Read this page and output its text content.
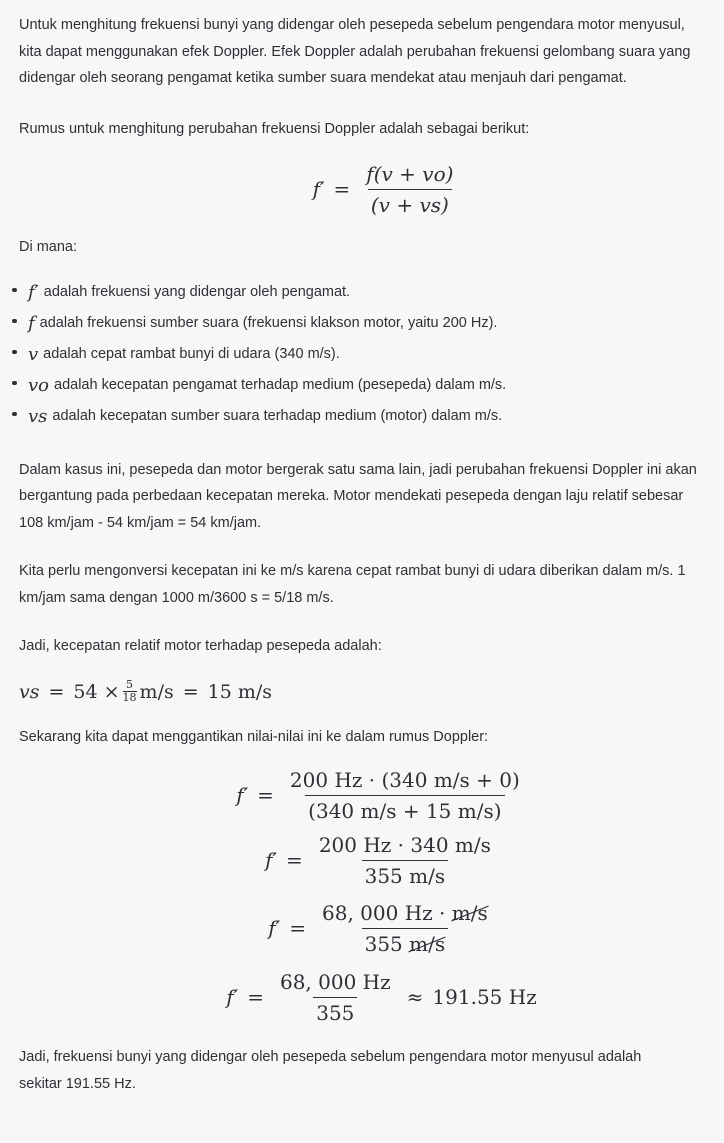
Untuk menghitung frekuensi bunyi yang didengar oleh pesepeda sebelum pengendara motor menyusul, kita dapat menggunakan efek Doppler. Efek Doppler adalah perubahan frekuensi gelombang suara yang didengar oleh seorang pengamat ketika sumber suara mendekat atau menjauh dari pengamat.

Rumus untuk menghitung perubahan frekuensi Doppler adalah sebagai berikut:

$f' = \frac{f(v + vo)}{(v + vs)}$

Di mana:

f′ adalah frekuensi yang didengar oleh pengamat.
f adalah frekuensi sumber suara (frekuensi klakson motor, yaitu 200 Hz).
v adalah cepat rambat bunyi di udara (340 m/s).
vo adalah kecepatan pengamat terhadap medium (pesepeda) dalam m/s.
vs adalah kecepatan sumber suara terhadap medium (motor) dalam m/s.

Dalam kasus ini, pesepeda dan motor bergerak satu sama lain, jadi perubahan frekuensi Doppler ini akan bergantung pada perbedaan kecepatan mereka. Motor mendekati pesepeda dengan laju relatif sebesar 108 km/jam - 54 km/jam = 54 km/jam.

Kita perlu mengonversi kecepatan ini ke m/s karena cepat rambat bunyi di udara diberikan dalam m/s. 1 km/jam sama dengan 1000 m/3600 s = 5/18 m/s.

Jadi, kecepatan relatif motor terhadap pesepeda adalah:

vs = $54 \times \frac{5}{18} m/s = 15$ m/s

Sekarang kita dapat menggantikan nilai-nilai ini ke dalam rumus Doppler:

$f' = \frac{200 Hz \cdot (340 m/s + 0)}{(340 m/s + 15 m/s)}$
$f' = \frac{200 Hz \cdot 340 m/s}{355 m/s}$
$f' = \frac{68, 000 Hz \cdot m/s}{355 m/s}$
$f' = \frac{68, 000 Hz}{355} \approx 191.55$ Hz

Jadi, frekuensi bunyi yang didengar oleh pesepeda sebelum pengendara motor menyusul adalah sekitar 191.55 Hz.
